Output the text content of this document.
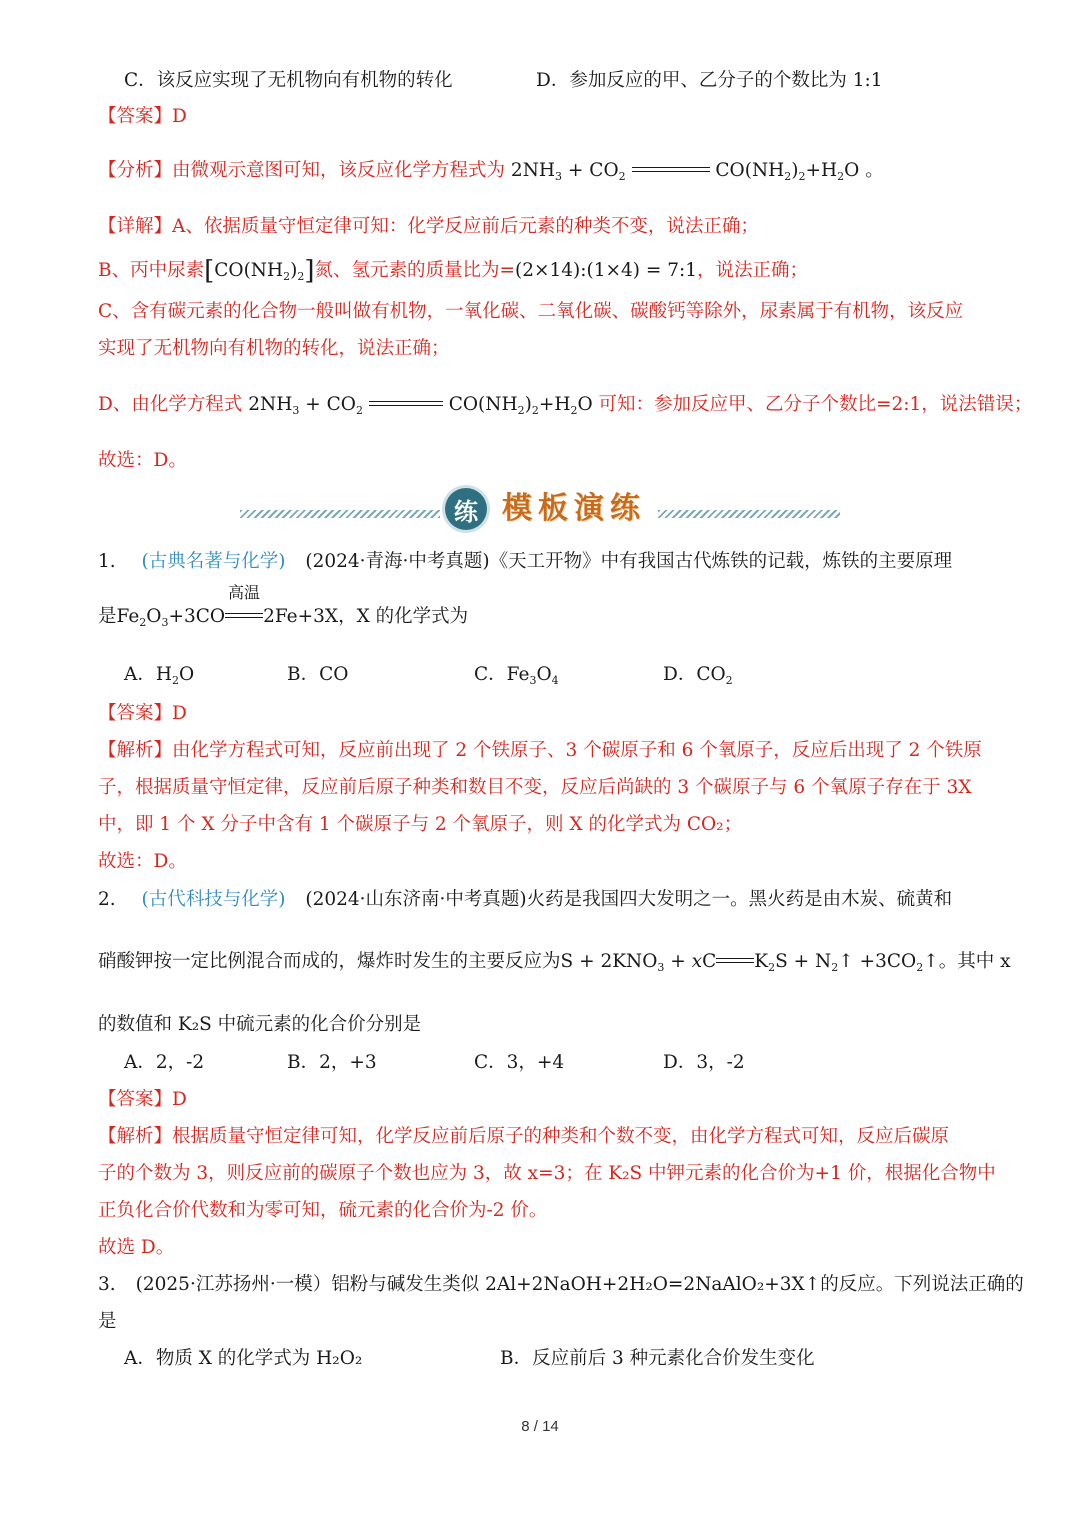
C．该反应实现了无机物向有机物的转化	D．参加反应的甲、乙分子的个数比为 1:1
【答案】D
【分析】由微观示意图可知，该反应化学方程式为 $2NH_3 + CO_2$	$CO(NH_2)_2+H_2O$ 。
【详解】A、依据质量守恒定律可知：化学反应前后元素的种类不变，说法正确；
B、丙中尿素$[CO(NH_2)_2]$氮、氢元素的质量比为=(2×14):(1×4) = 7:1，说法正确；
C、含有碳元素的化合物一般叫做有机物，一氧化碳、二氧化碳、碳酸钙等除外，尿素属于有机物，该反应
实现了无机物向有机物的转化，说法正确；
D、由化学方程式 $2NH_3 + CO_2$	$CO(NH_2)_2+H_2O$ 可知：参加反应甲、乙分子个数比=2:1，说法错误；
故选：D。
练 模板演练
1. (古典名著与化学) (2024·青海·中考真题)《天工开物》中有我国古代炼铁的记载，炼铁的主要原理
是$Fe_2O_3+3CO$
高温
2Fe+3X，X 的化学式为
A．$H_2O$	B．CO	C．$Fe_3O_4$	D．$CO_2$
【答案】D
【解析】由化学方程式可知，反应前出现了 2 个铁原子、3 个碳原子和 6 个氧原子，反应后出现了 2 个铁原
子，根据质量守恒定律，反应前后原子种类和数目不变，反应后尚缺的 3 个碳原子与 6 个氧原子存在于 3X
中，即 1 个 X 分子中含有 1 个碳原子与 2 个氧原子，则 X 的化学式为 CO₂；
故选：D。
2. (古代科技与化学) (2024·山东济南·中考真题)火药是我国四大发明之一。黑火药是由木炭、硫黄和
硝酸钾按一定比例混合而成的，爆炸时发生的主要反应为$S + 2KNO_3$ + xC $K_2S$ + $N_2↑$ $+3CO_2↑$。其中 x
的数值和 K₂S 中硫元素的化合价分别是
A．2，-2	B．2，+3	C．3，+4	D．3，-2
【答案】D
【解析】根据质量守恒定律可知，化学反应前后原子的种类和个数不变，由化学方程式可知，反应后碳原
子的个数为 3，则反应前的碳原子个数也应为 3，故 x=3；在 K₂S 中钾元素的化合价为+1 价，根据化合物中
正负化合价代数和为零可知，硫元素的化合价为-2 价。
故选 D。
3. (2025·江苏扬州·一模）铝粉与碱发生类似 2Al+2NaOH+2H₂O=2NaAlO₂+3X↑的反应。下列说法正确的
是
A．物质 X 的化学式为 H₂O₂	B．反应前后 3 种元素化合价发生变化
8 / 14
